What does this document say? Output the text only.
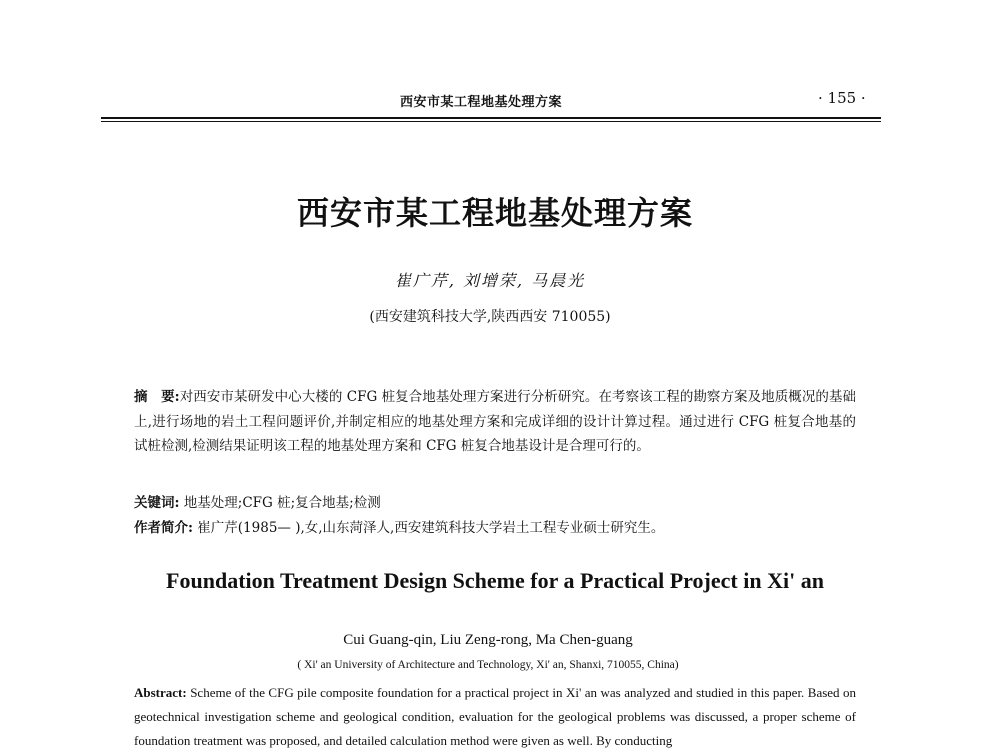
西安市某工程地基处理方案	· 155 ·
西安市某工程地基处理方案
崔广芹, 刘增荣, 马晨光
(西安建筑科技大学,陕西西安 710055)
摘　要:对西安市某研发中心大楼的 CFG 桩复合地基处理方案进行分析研究。在考察该工程的勘察方案及地质概况的基础上,进行场地的岩土工程问题评价,并制定相应的地基处理方案和完成详细的设计计算过程。通过进行 CFG 桩复合地基的试桩检测,检测结果证明该工程的地基处理方案和 CFG 桩复合地基设计是合理可行的。
关键词: 地基处理;CFG 桩;复合地基;检测
作者简介: 崔广芹(1985— ),女,山东菏泽人,西安建筑科技大学岩土工程专业硕士研究生。
Foundation Treatment Design Scheme for a Practical Project in Xi' an
Cui Guang-qin, Liu Zeng-rong, Ma Chen-guang
( Xi' an University of Architecture and Technology, Xi' an, Shanxi, 710055, China)
Abstract: Scheme of the CFG pile composite foundation for a practical project in Xi' an was analyzed and studied in this paper. Based on geotechnical investigation scheme and geological condition, evaluation for the geological problems was discussed, a proper scheme of foundation treatment was proposed, and detailed calculation method were given as well. By conducting
